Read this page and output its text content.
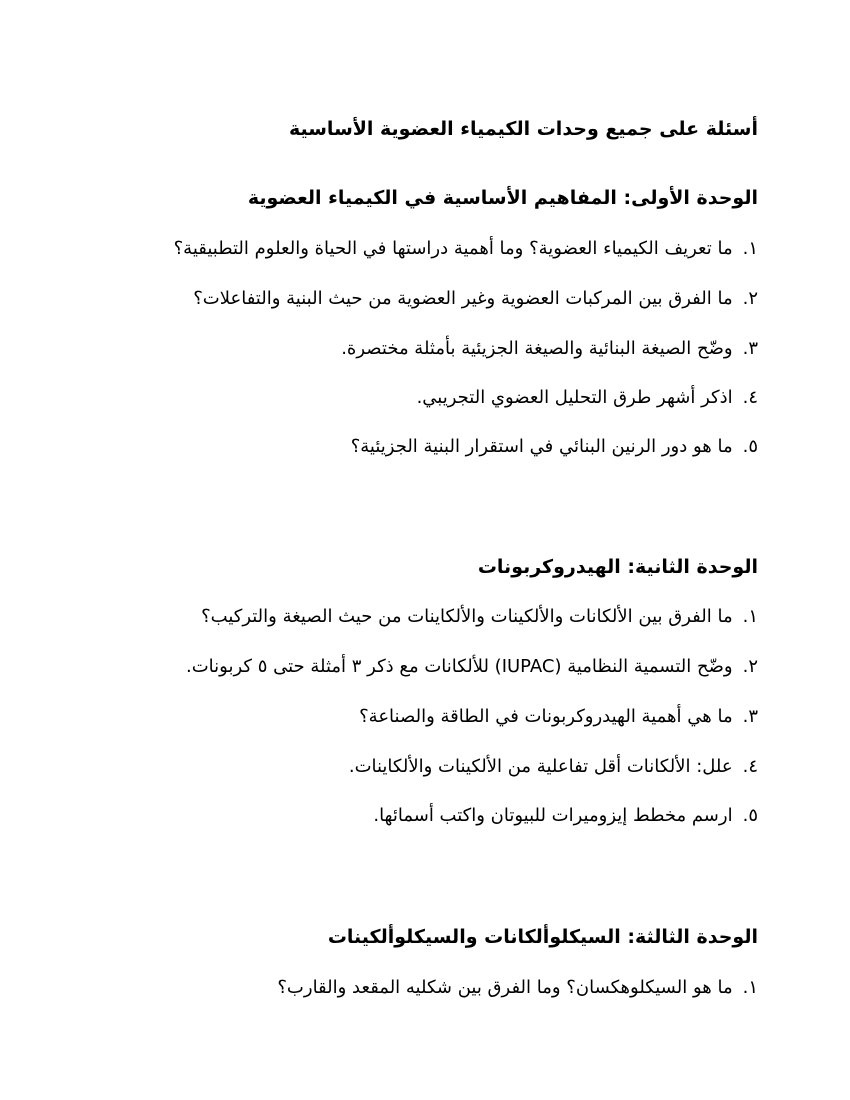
أسئلة على جميع وحدات الكيمياء العضوية الأساسية

الوحدة الأولى: المفاهيم الأساسية في الكيمياء العضوية

١.
ما تعريف الكيمياء العضوية؟ وما أهمية دراستها في الحياة والعلوم التطبيقية؟
٢.
ما الفرق بين المركبات العضوية وغير العضوية من حيث البنية والتفاعلات؟
٣.
وضّح الصيغة البنائية والصيغة الجزيئية بأمثلة مختصرة.
٤.
اذكر أشهر طرق التحليل العضوي التجريبي.
٥.
ما هو دور الرنين البنائي في استقرار البنية الجزيئية؟

الوحدة الثانية: الهيدروكربونات

١.
ما الفرق بين الألكانات والألكينات والألكاينات من حيث الصيغة والتركيب؟
٢.
وضّح التسمية النظامية (IUPAC) للألكانات مع ذكر ٣ أمثلة حتى ٥ كربونات.
٣.
ما هي أهمية الهيدروكربونات في الطاقة والصناعة؟
٤.
علل: الألكانات أقل تفاعلية من الألكينات والألكاينات.
٥.
ارسم مخطط إيزوميرات للبيوتان واكتب أسمائها.

الوحدة الثالثة: السيكلوألكانات والسيكلوألكينات

١.
ما هو السيكلوهكسان؟ وما الفرق بين شكليه المقعد والقارب؟
